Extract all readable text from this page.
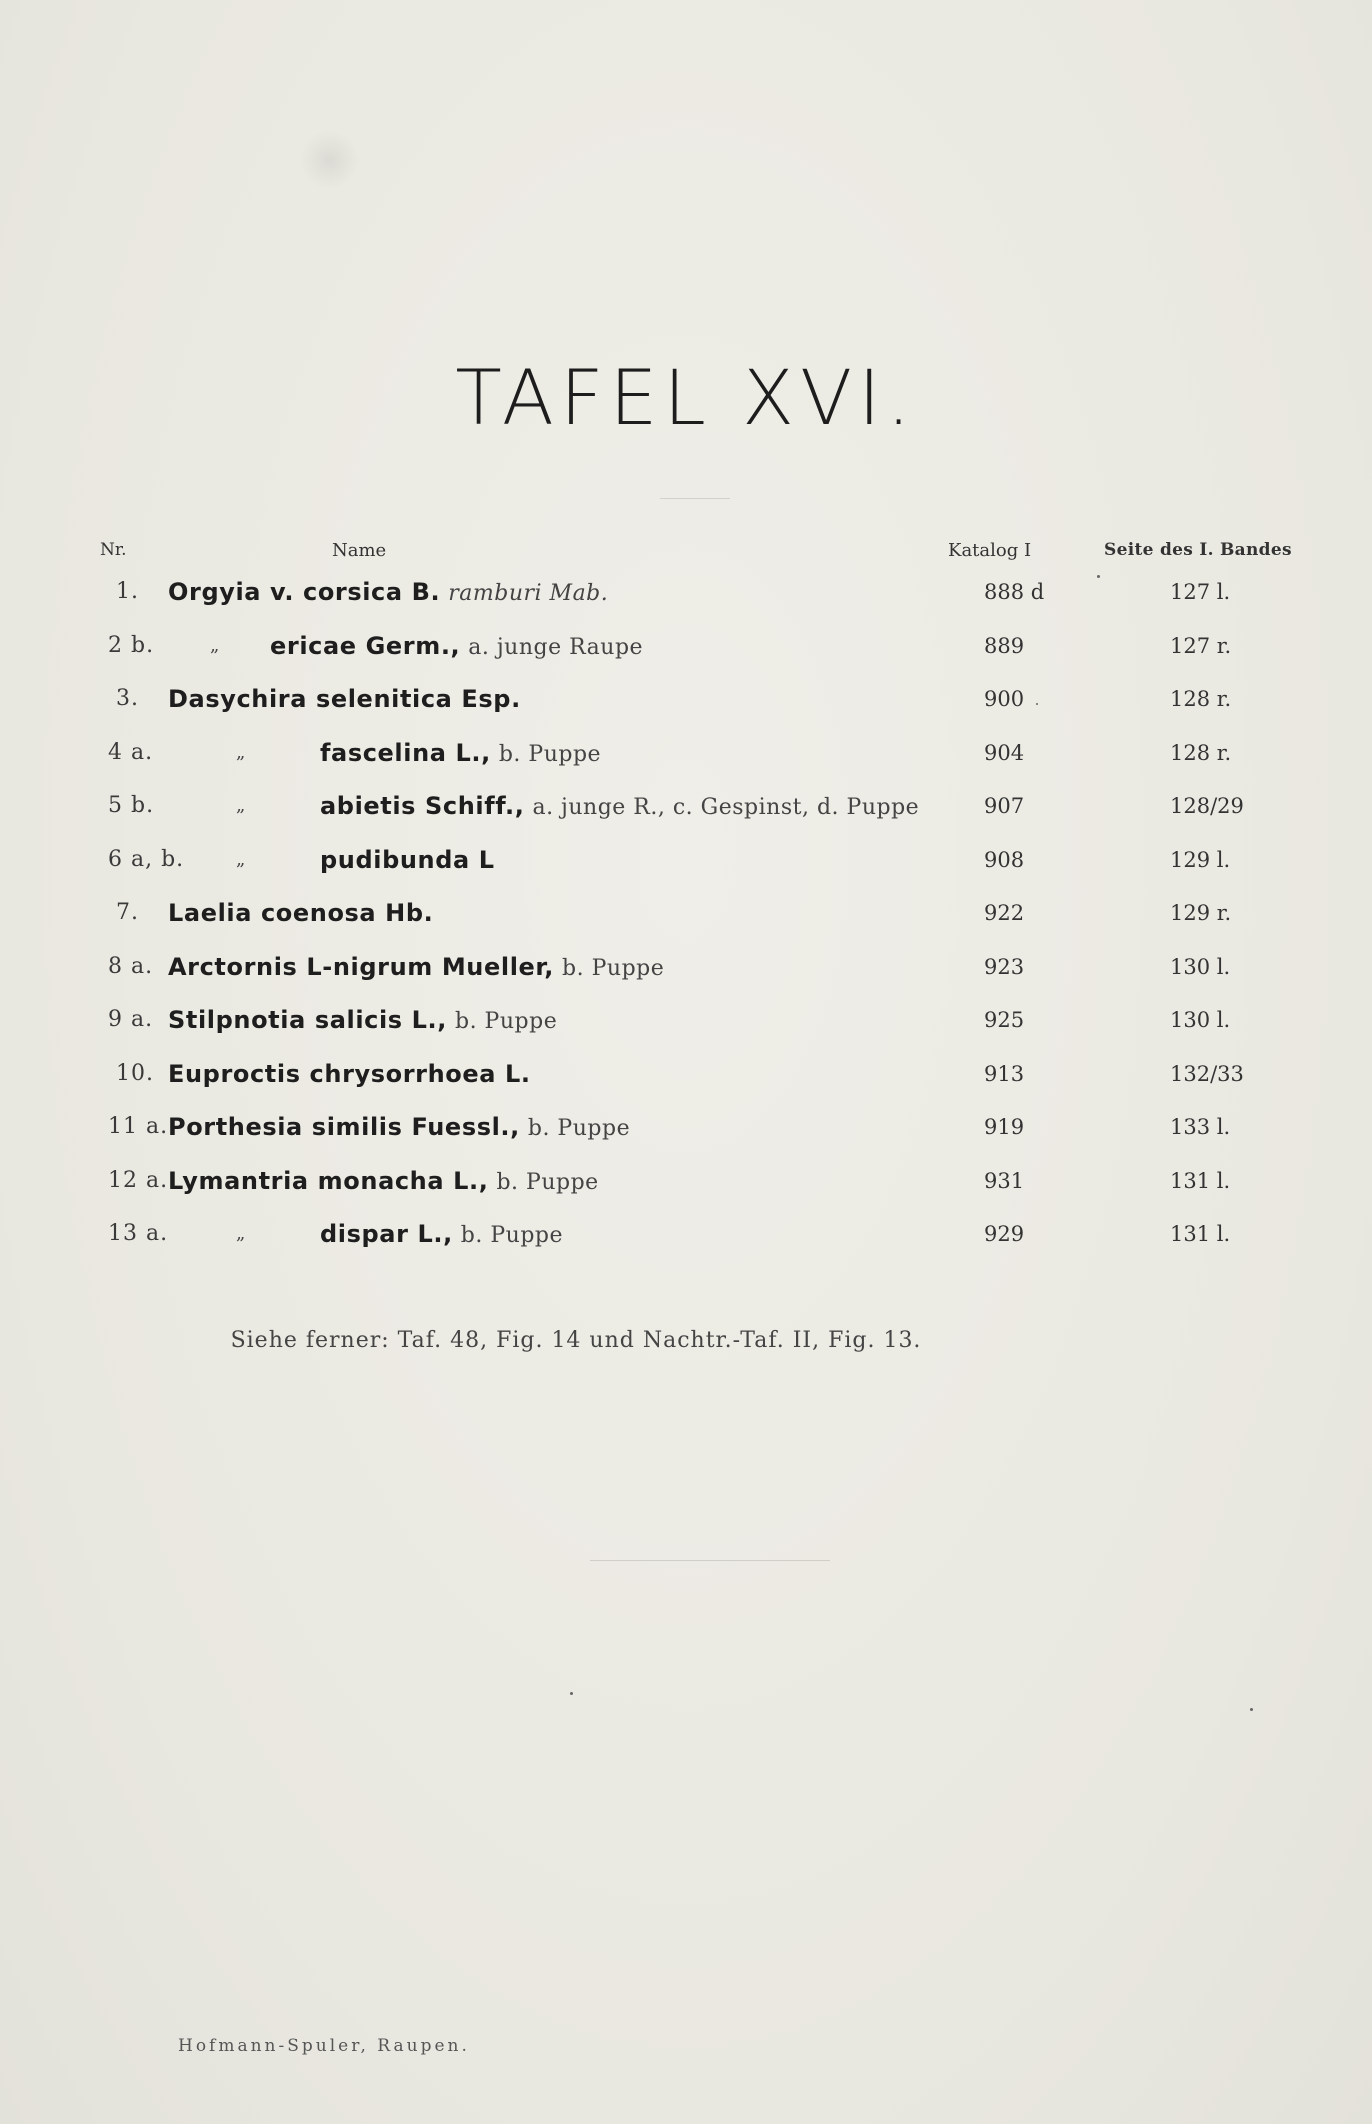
TAFEL XVI.
Nr.	Name	Katalog I	Seite des I. Bandes
1. Orgyia v. corsica B. ramburi Mab.	888 d	127 l.
2 b.	„ ericae Germ., a. junge Raupe	889	127 r.
3. Dasychira selenitica Esp.	900	128 r.
4 a.	„	fascelina L., b. Puppe	904	128 r.
5 b.	„	abietis Schiff., a. junge R., c. Gespinst, d. Puppe	907	128/29
6 a, b.	„	pudibunda L	908	129 l.
7. Laelia coenosa Hb.	922	129 r.
8 a. Arctornis L-nigrum Mueller, b. Puppe	923	130 l.
9 a. Stilpnotia salicis L., b. Puppe	925	130 l.
10. Euproctis chrysorrhoea L.	913	132/33
11 a. Porthesia similis Fuessl., b. Puppe	919	133 l.
12 a. Lymantria monacha L., b. Puppe	931	131 l.
13 a.	„	dispar L., b. Puppe	929	131 l.
Siehe ferner: Taf. 48, Fig. 14 und Nachtr.-Taf. II, Fig. 13.
Hofmann-Spuler, Raupen.
